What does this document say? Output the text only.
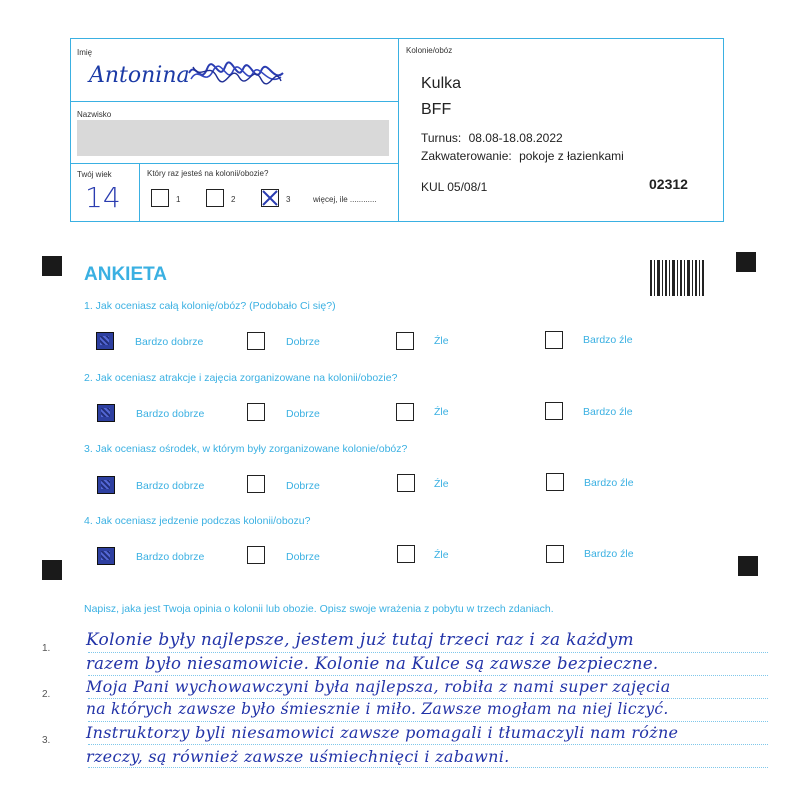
Imię
Antonina
Nazwisko
Twój wiek
14
Który raz jesteś na kolonii/obozie?
1	2	3	więcej, ile ............
Kolonie/obóz
Kulka
BFF
Turnus: 08.08-18.08.2022
Zakwaterowanie: pokoje z łazienkami
KUL 05/08/1	02312
ANKIETA
1. Jak oceniasz całą kolonię/obóz? (Podobało Ci się?)
2. Jak oceniasz atrakcje i zajęcia zorganizowane na kolonii/obozie?
3. Jak oceniasz ośrodek, w którym były zorganizowane kolonie/obóz?
4. Jak oceniasz jedzenie podczas kolonii/obozu?
Bardzo dobrze	Dobrze	Źle	Bardzo źle
Bardzo dobrze	Dobrze	Źle	Bardzo źle
Bardzo dobrze	Dobrze	Źle	Bardzo źle
Bardzo dobrze	Dobrze	Źle	Bardzo źle
Napisz, jaka jest Twoja opinia o kolonii lub obozie. Opisz swoje wrażenia z pobytu w trzech zdaniach.
1.
2.
3.
Kolonie były najlepsze, jestem już tutaj trzeci raz i za każdym
razem było niesamowicie. Kolonie na Kulce są zawsze bezpieczne.
Moja Pani wychowawczyni była najlepsza, robiła z nami super zajęcia
na których zawsze było śmiesznie i miło. Zawsze mogłam na niej liczyć.
Instruktorzy byli niesamowici zawsze pomagali i tłumaczyli nam różne
rzeczy, są również zawsze uśmiechnięci i zabawni.
